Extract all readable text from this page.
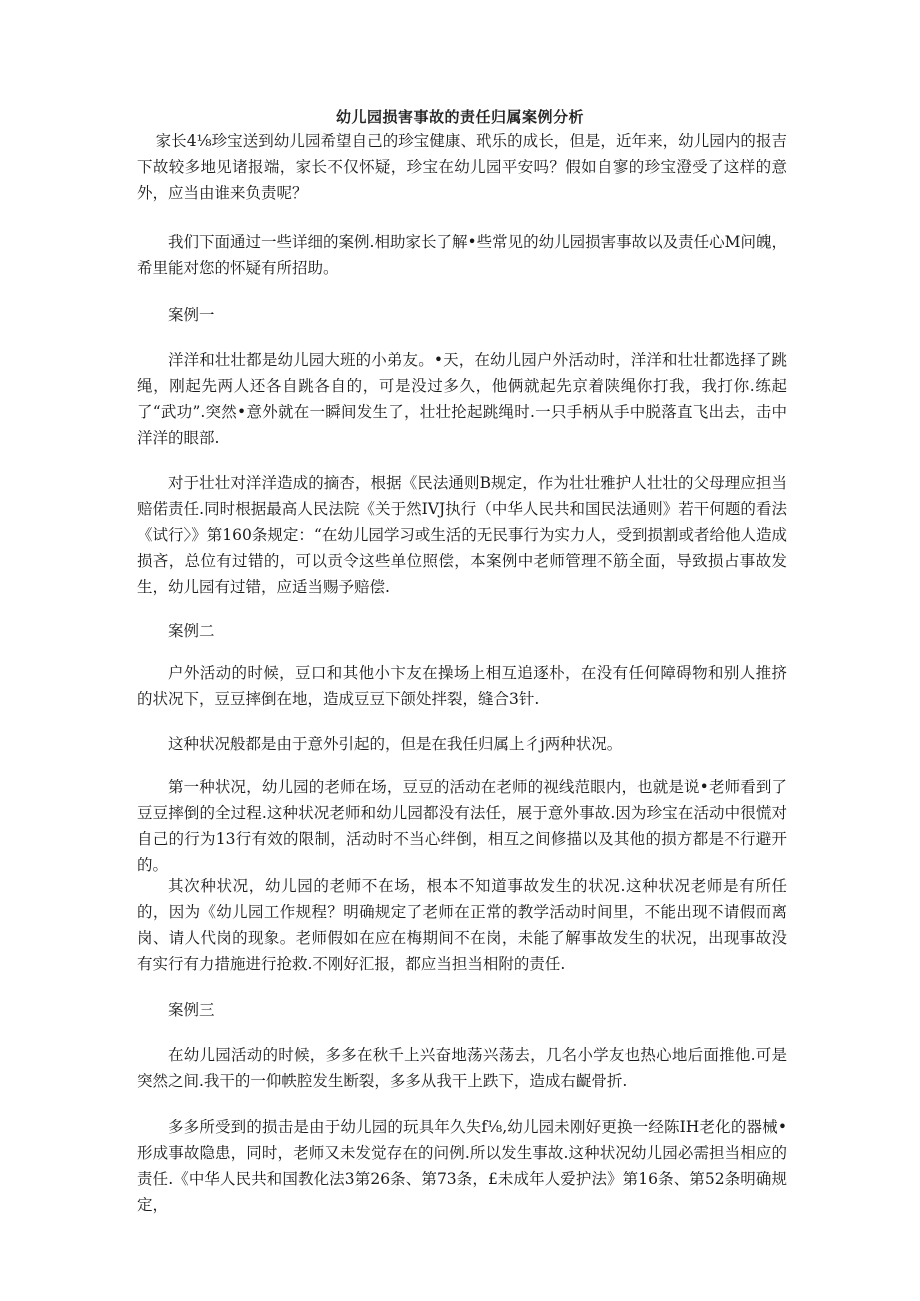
幼儿园损害事故的责任归属案例分析

家长4⅛珍宝送到幼儿园希望自己的珍宝健康、玳乐的成长，但是，近年来，幼儿园内的报吉下故较多地见诸报端，家长不仅怀疑，珍宝在幼儿园平安吗？假如自寥的珍宝澄受了这样的意外，应当由谁来负责呢？

我们下面通过一些详细的案例.相助家长了解•些常见的幼儿园损害事故以及责任心M问魄，希里能对您的怀疑有所招助。

案例一

洋洋和壮壮都是幼儿园大班的小弟友。•天，在幼儿园户外活动时，洋洋和壮壮都选择了跳绳，刚起先两人还各自跳各自的，可是没过多久，他俩就起先京着陕绳你打我，我打你.练起了“武功”.突然•意外就在一瞬间发生了，壮壮抡起跳绳时.一只手柄从手中脱落直飞出去，击中洋洋的眼部.

对于壮壮对洋洋造成的摘杏，根据《民法通则B规定，作为壮壮雅护人壮壮的父母理应担当赔偌责任.同时根据最高人民法院《关于然IVJ执行（中华人民共和国民法通则》若干何题的看法《试行〉》第160条规定：“在幼儿园学习或生活的无民事行为实力人，受到损割或者给他人造成损吝，总位有过错的，可以贡令这些单位照偿，本案例中老师管理不筋全面，导致损占事故发生，幼儿园有过错，应适当赐予赔偿.

案例二

户外活动的时候，豆口和其他小卞友在操场上相互追逐朴，在没有任何障碍物和别人推挤的状况下，豆豆摔倒在地，造成豆豆下颌处拌裂，缝合3针.

这种状况般都是由于意外引起的，但是在我任归属上彳j两种状况。

第一种状况，幼儿园的老师在场，豆豆的活动在老师的视线范眼内，也就是说•老师看到了豆豆摔倒的全过程.这种状况老师和幼儿园都没有法任，展于意外事故.因为珍宝在活动中很慌对自己的行为13行有效的限制，活动时不当心绊倒，相互之间修描以及其他的损方都是不行避开的。

其次种状况，幼儿园的老师不在场，根本不知道事故发生的状况.这种状况老师是有所任的，因为《幼儿园工作规程？明确规定了老师在正常的教学活动时间里，不能出现不请假而离岗、请人代岗的现象。老师假如在应在梅期间不在岗，未能了解事故发生的状况，出现事故没有实行有力措施进行抢救.不刚好汇报，都应当担当相附的责任.

案例三

在幼儿园活动的时候，多多在秋千上兴奋地荡兴荡去，几名小学友也热心地后面推他.可是突然之间.我干的一仰帙腔发生断裂，多多从我干上跌下，造成右齪骨折.

多多所受到的损击是由于幼儿园的玩具年久失f⅛,幼儿园未刚好更换一经陈IH老化的器械•形成事故隐患，同时，老师又未发觉存在的问例.所以发生事故.这种状况幼儿园必需担当相应的责任.《中华人民共和国教化法3第26条、第73条，£未成年人爱护法》第16条、第52条明确规定，
